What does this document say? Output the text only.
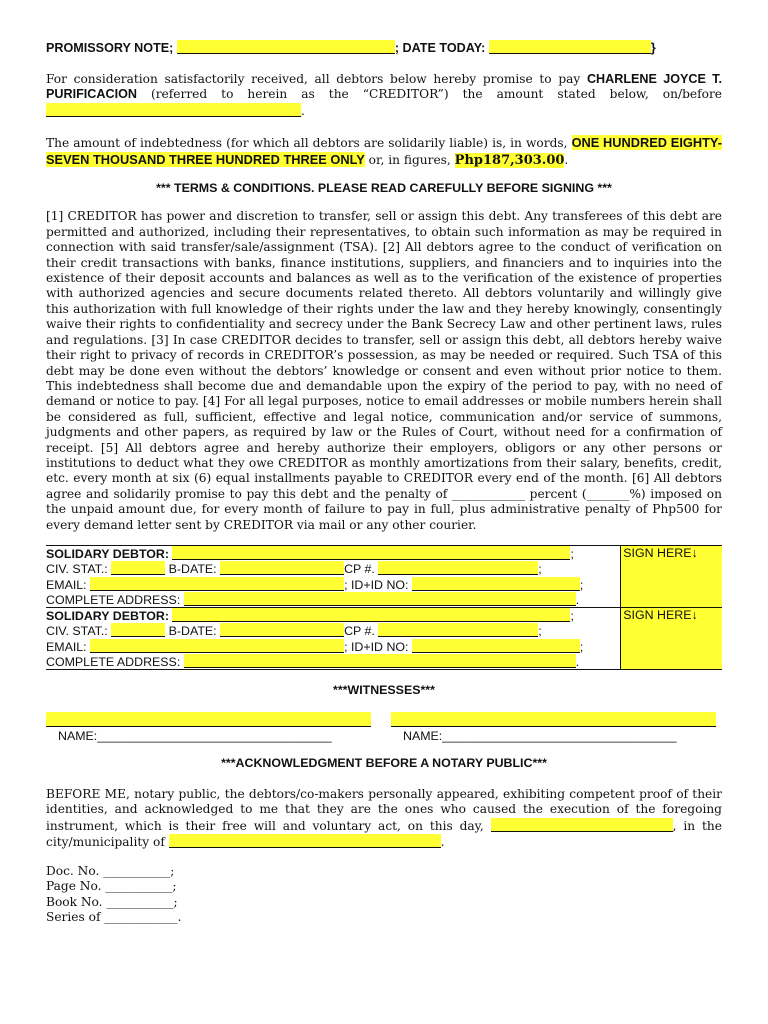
PROMISSORY NOTE;	; DATE TODAY:	}

For consideration satisfactorily received, all debtors below hereby promise to pay CHARLENE JOYCE T. PURIFICACION (referred to herein as the “CREDITOR”) the amount stated below, on/before .

The amount of indebtedness (for which all debtors are solidarily liable) is, in words, ONE HUNDRED EIGHTY-SEVEN THOUSAND THREE HUNDRED THREE ONLY or, in figures, Php187,303.00.

*** TERMS & CONDITIONS. PLEASE READ CAREFULLY BEFORE SIGNING ***

[1] CREDITOR has power and discretion to transfer, sell or assign this debt. Any transferees of this debt are permitted and authorized, including their representatives, to obtain such information as may be required in connection with said transfer/sale/assignment (TSA). [2] All debtors agree to the conduct of verification on their credit transactions with banks, finance institutions, suppliers, and financiers and to inquiries into the existence of their deposit accounts and balances as well as to the verification of the existence of properties with authorized agencies and secure documents related thereto. All debtors voluntarily and willingly give this authorization with full knowledge of their rights under the law and they hereby knowingly, consentingly waive their rights to confidentiality and secrecy under the Bank Secrecy Law and other pertinent laws, rules and regulations. [3] In case CREDITOR decides to transfer, sell or assign this debt, all debtors hereby waive their right to privacy of records in CREDITOR’s possession, as may be needed or required. Such TSA of this debt may be done even without the debtors’ knowledge or consent and even without prior notice to them. This indebtedness shall become due and demandable upon the expiry of the period to pay, with no need of demand or notice to pay. [4] For all legal purposes, notice to email addresses or mobile numbers herein shall be considered as full, sufficient, effective and legal notice, communication and/or service of summons, judgments and other papers, as required by law or the Rules of Court, without need for a confirmation of receipt. [5] All debtors agree and hereby authorize their employers, obligors or any other persons or institutions to deduct what they owe CREDITOR as monthly amortizations from their salary, benefits, credit, etc. every month at six (6) equal installments payable to CREDITOR every end of the month. [6] All debtors agree and solidarily promise to pay this debt and the penalty of ____________ percent (_______%) imposed on the unpaid amount due, for every month of failure to pay in full, plus administrative penalty of Php500 for every demand letter sent by CREDITOR via mail or any other courier.

SOLIDARY DEBTOR:	;
CIV. STAT.:	B-DATE:	CP #.	;
EMAIL:	; ID+ID NO:	;
COMPLETE ADDRESS:	.
SIGN HERE↓
SOLIDARY DEBTOR:	;
CIV. STAT.:	B-DATE:	CP #.	;
EMAIL:	; ID+ID NO:	;
COMPLETE ADDRESS:	.
SIGN HERE↓

***WITNESSES***

NAME:__________________________________	NAME:__________________________________

***ACKNOWLEDGMENT BEFORE A NOTARY PUBLIC***

BEFORE ME, notary public, the debtors/co-makers personally appeared, exhibiting competent proof of their identities, and acknowledged to me that they are the ones who caused the execution of the foregoing instrument, which is their free will and voluntary act, on this day,	, in the city/municipality of	.

Doc. No. ___________;
Page No. ___________;
Book No. ___________;
Series of ____________.
